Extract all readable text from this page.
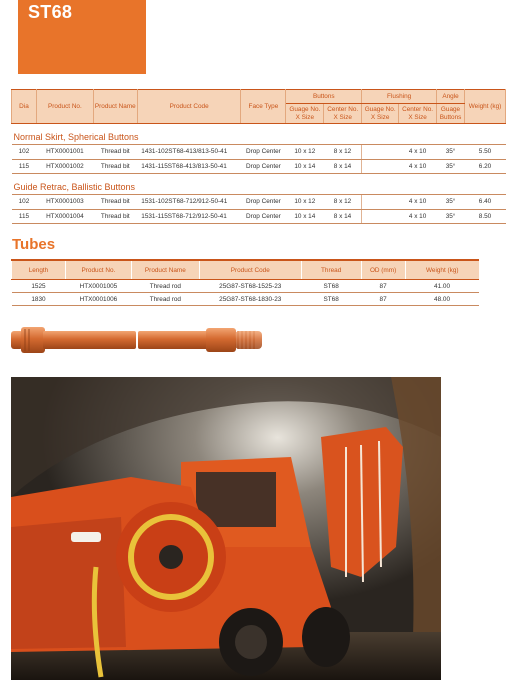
ST68
Dia	Product No.	Product Name	Product Code	Face Type	Buttons		Flushing		Angle	Weight (kg)
					Guage No. X Size	Center No. X Size	Guage No. X Size	Center No. X Size	Guage Buttons	
Normal Skirt, Spherical Buttons										
102	HTX0001001	Thread bit	1431-102ST68-413/813-50-41	Drop Center	10 x 12	8 x 12		4 x 10	35°	5.50
115	HTX0001002	Thread bit	1431-115ST68-413/813-50-41	Drop Center	10 x 14	8 x 14		4 x 10	35°	6.20
Guide Retrac, Ballistic Buttons										
102	HTX0001003	Thread bit	1531-102ST68-712/912-50-41	Drop Center	10 x 12	8 x 12		4 x 10	35°	6.40
115	HTX0001004	Thread bit	1531-115ST68-712/912-50-41	Drop Center	10 x 14	8 x 14		4 x 10	35°	8.50
Tubes
Length	Product No.	Product Name	Product Code	Thread	OD (mm)	Weight (kg)
1525	HTX0001005	Thread rod	25G87-ST68-1525-23	ST68	87	41.00
1830	HTX0001006	Thread rod	25G87-ST68-1830-23	ST68	87	48.00
